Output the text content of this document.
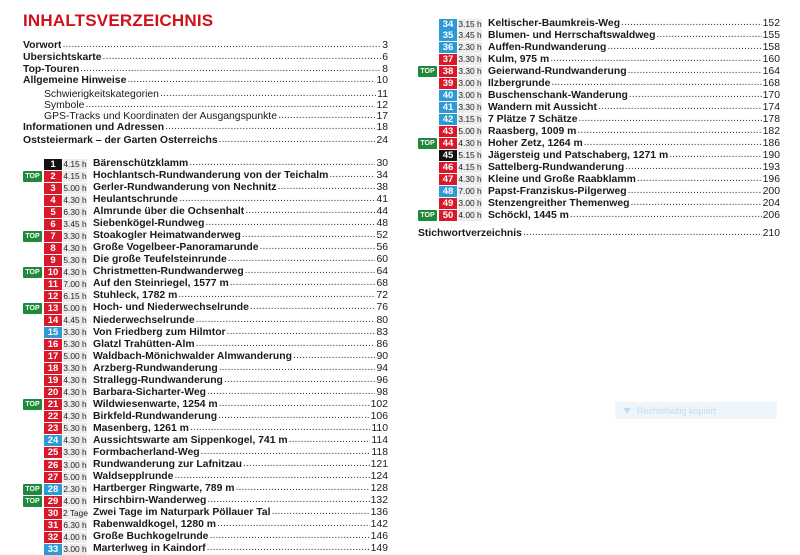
INHALTSVERZEICHNIS
Vorwort . . .	3
Übersichtskarte . . .	6
Top-Touren . . .	8
Allgemeine Hinweise . . .	10
Schwierigkeitskategorien . . .	11
Symbole . . .	12
GPS-Tracks und Koordinaten der Ausgangspunkte . . .	17
Informationen und Adressen . . .	18
Oststeiermark – der Garten Österreichs . . .	24
1 4.15 h Bärenschützklamm . . .	30
TOP	2 4.15 h Hochlantsch-Rundwanderung von der Teichalm . . .	34
3 5.00 h Gerler-Rundwanderung von Nechnitz . . .	38
4 4.30 h Heulantschrunde . . .	41
5 6.30 h Almrunde über die Ochsenhalt . . .	44
6 3.45 h Siebenkögel-Rundweg . . .	48
TOP	7 3.30 h Stoakogler Heimatwanderweg . . .	52
8 4.30 h Große Vogelbeer-Panoramarunde . . .	56
9 5.30 h Die große Teufelsteinrunde . . .	60
TOP 10 4.30 h Christmetten-Rundwanderweg . . .	64
11 7.00 h Auf den Steinriegel, 1577 m . . .	68
12 6.15 h Stuhleck, 1782 m . . .	72
TOP 13 5.00 h Hoch- und Niederwechselrunde . . .	76
14 4.45 h Niederwechselrunde . . .	80
15 3.30 h Von Friedberg zum Hilmtor . . .	83
16 5.30 h Glatzl Trahütten-Alm . . .	86
17 5.00 h Waldbach-Mönichwalder Almwanderung . . .	90
18 3.30 h Arzberg-Rundwanderung . . .	94
19 4.30 h Strallegg-Rundwanderung . . .	96
20 4.30 h Barbara-Sicharter-Weg . . .	98
TOP 21 3.30 h Wildwiesenwarte, 1254 m . . .	102
22 4.30 h Birkfeld-Rundwanderung . . .	106
23 5.30 h Masenberg, 1261 m . . .	110
24 4.30 h Aussichtswarte am Sippenkogel, 741 m . . .	114
25 3.30 h Formbacherland-Weg . . .	118
26 3.00 h Rundwanderung zur Lafnitzau . . .	121
27 5.00 h Waldsepplrunde . . .	124
TOP 28 2.30 h Hartberger Ringwarte, 789 m . . .	128
TOP 29 4.00 h Hirschbirn-Wanderweg . . .	132
30 2 Tage Zwei Tage im Naturpark Pöllauer Tal . . .	136
31 6.30 h Rabenwaldkogel, 1280 m . . .	142
32 4.00 h Große Buchkogelrunde . . .	146
33 3.00 h Marterlweg in Kaindorf . . .	149
34 3.15 h Keltischer-Baumkreis-Weg . . .	152
35 3.45 h Blumen- und Herrschaftswaldweg . . .	155
36 2.30 h Auffen-Rundwanderung . . .	158
37 3.30 h Kulm, 975 m . . .	160
TOP 38 3.30 h Geierwand-Rundwanderung . . .	164
39 3.00 h Ilzbergrunde . . .	168
40 3.00 h Buschenschank-Wanderung . . .	170
41 3.30 h Wandern mit Aussicht . . .	174
42 3.15 h 7 Plätze 7 Schätze . . .	178
43 5.00 h Raasberg, 1009 m . . .	182
TOP 44 4.30 h Hoher Zetz, 1264 m . . .	186
45 5.15 h Jägersteig und Patschaberg, 1271 m . . .	190
46 4.15 h Sattelberg-Rundwanderung . . .	193
47 4.30 h Kleine und Große Raabklamm . . .	196
48 7.00 h Papst-Franziskus-Pilgerweg . . .	200
49 3.00 h Stenzengreither Themenweg . . .	204
TOP 50 4.00 h Schöckl, 1445 m . . .	206
Stichwortverzeichnis . . .	210
Rechtshaltig kopiert
